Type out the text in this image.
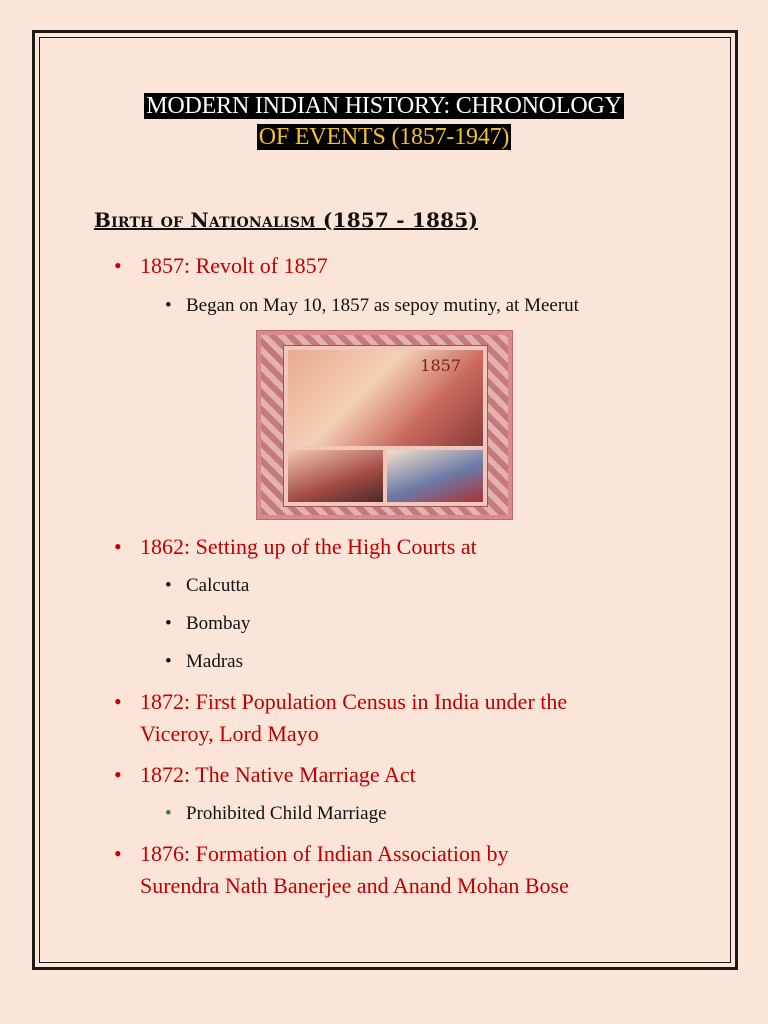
MODERN INDIAN HISTORY: CHRONOLOGY
OF EVENTS (1857-1947)
Birth of Nationalism (1857 - 1885)
• 1857: Revolt of 1857
• Began on May 10, 1857 as sepoy mutiny, at Meerut
1857
• 1862: Setting up of the High Courts at
• Calcutta
• Bombay
• Madras
• 1872: First Population Census in India under the
Viceroy, Lord Mayo
• 1872: The Native Marriage Act
• Prohibited Child Marriage
• 1876: Formation of Indian Association by
Surendra Nath Banerjee and Anand Mohan Bose
